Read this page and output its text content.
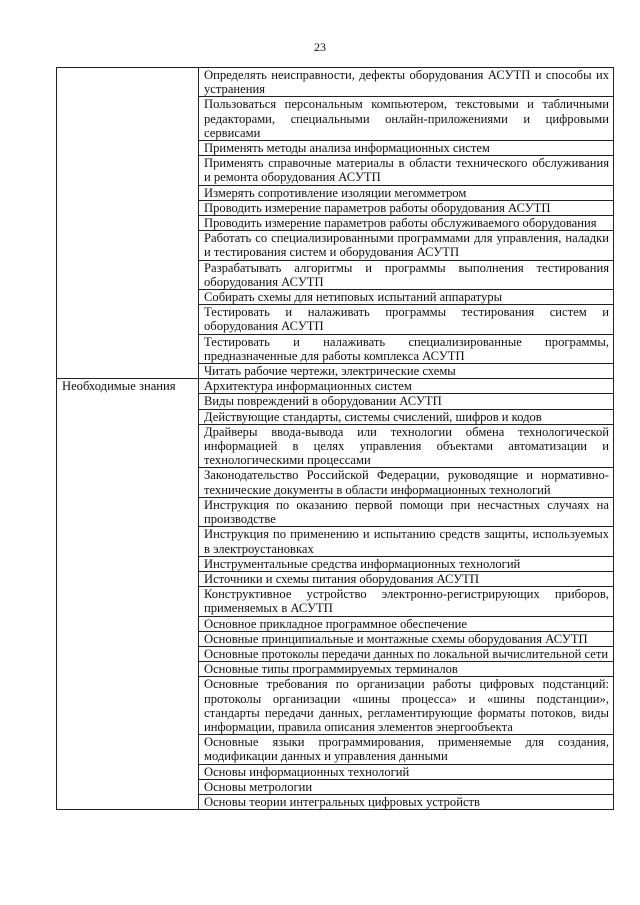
23
	Определять неисправности, дефекты оборудования АСУТП и способы их устранения
	Пользоваться персональным компьютером, текстовыми и табличными редакторами, специальными онлайн-приложениями и цифровыми сервисами
	Применять методы анализа информационных систем
	Применять справочные материалы в области технического обслуживания и ремонта оборудования АСУТП
	Измерять сопротивление изоляции мегомметром
	Проводить измерение параметров работы оборудования АСУТП
	Проводить измерение параметров работы обслуживаемого оборудования
	Работать со специализированными программами для управления, наладки и тестирования систем и оборудования АСУТП
	Разрабатывать алгоритмы и программы выполнения тестирования оборудования АСУТП
	Собирать схемы для нетиповых испытаний аппаратуры
	Тестировать и налаживать программы тестирования систем и оборудования АСУТП
	Тестировать и налаживать специализированные программы, предназначенные для работы комплекса АСУТП
	Читать рабочие чертежи, электрические схемы
Необходимые знания	Архитектура информационных систем
	Виды повреждений в оборудовании АСУТП
	Действующие стандарты, системы счислений, шифров и кодов
	Драйверы ввода-вывода или технологии обмена технологической информацией в целях управления объектами автоматизации и технологическими процессами
	Законодательство Российской Федерации, руководящие и нормативно-технические документы в области информационных технологий
	Инструкция по оказанию первой помощи при несчастных случаях на производстве
	Инструкция по применению и испытанию средств защиты, используемых в электроустановках
	Инструментальные средства информационных технологий
	Источники и схемы питания оборудования АСУТП
	Конструктивное устройство электронно-регистрирующих приборов, применяемых в АСУТП
	Основное прикладное программное обеспечение
	Основные принципиальные и монтажные схемы оборудования АСУТП
	Основные протоколы передачи данных по локальной вычислительной сети
	Основные типы программируемых терминалов
	Основные требования по организации работы цифровых подстанций: протоколы организации «шины процесса» и «шины подстанции», стандарты передачи данных, регламентирующие форматы потоков, виды информации, правила описания элементов энергообъекта
	Основные языки программирования, применяемые для создания, модификации данных и управления данными
	Основы информационных технологий
	Основы метрологии
	Основы теории интегральных цифровых устройств
